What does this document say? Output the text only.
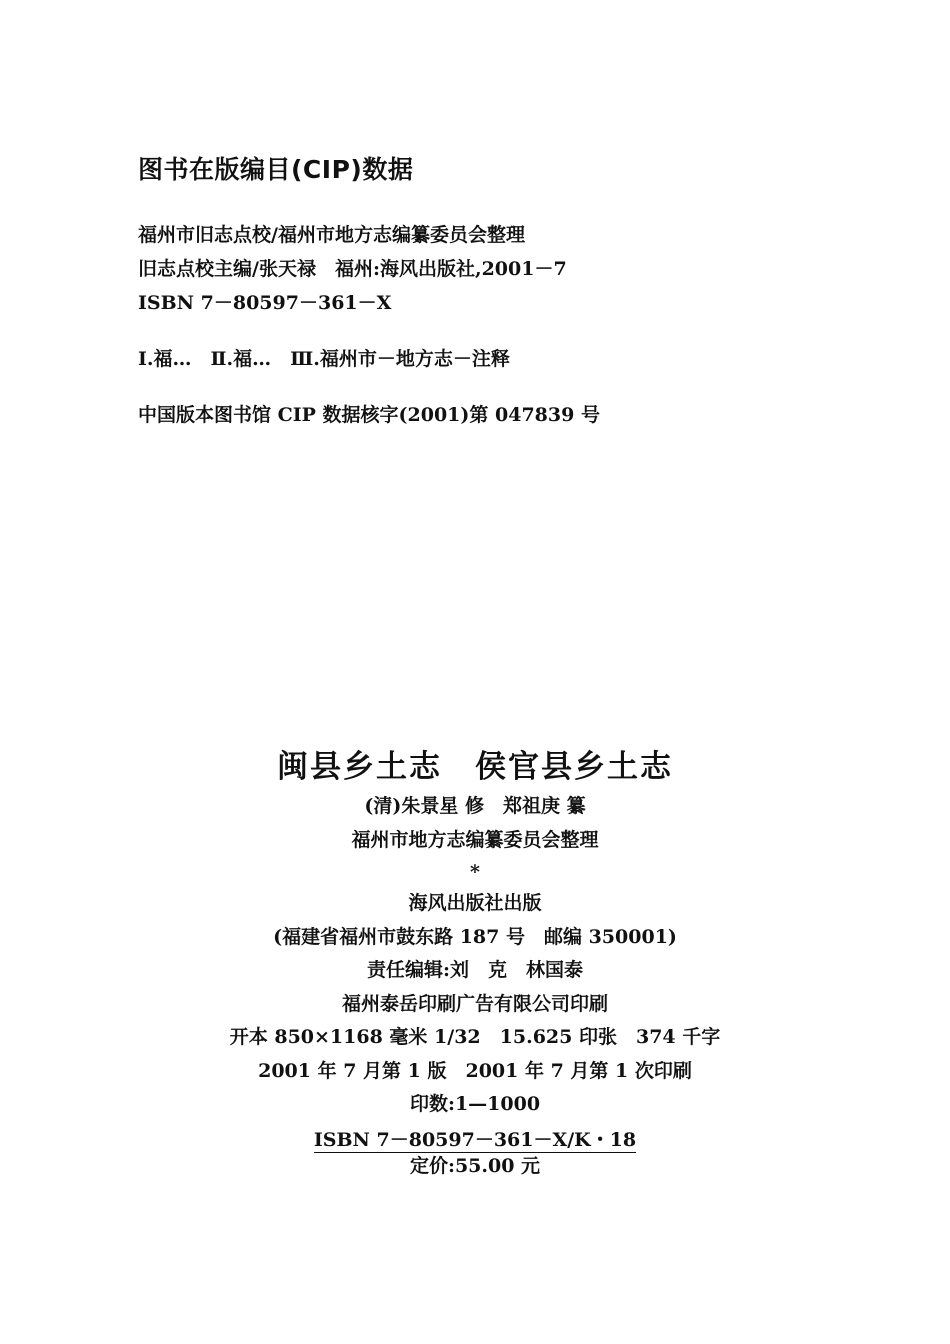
图书在版编目(CIP)数据
福州市旧志点校/福州市地方志编纂委员会整理
旧志点校主编/张天禄　福州:海风出版社,2001－7
ISBN 7－80597－361－X
Ⅰ.福…　Ⅱ.福…　Ⅲ.福州市－地方志－注释
中国版本图书馆 CIP 数据核字(2001)第 047839 号
闽县乡土志　侯官县乡土志
(清)朱景星 修　郑祖庚 纂
福州市地方志编纂委员会整理
*
海风出版社出版
(福建省福州市鼓东路 187 号　邮编 350001)
责任编辑:刘　克　林国泰
福州泰岳印刷广告有限公司印刷
开本 850×1168 毫米 1/32　15.625 印张　374 千字
2001 年 7 月第 1 版　2001 年 7 月第 1 次印刷
印数:1—1000
ISBN 7－80597－361－X/K・18
定价:55.00 元
